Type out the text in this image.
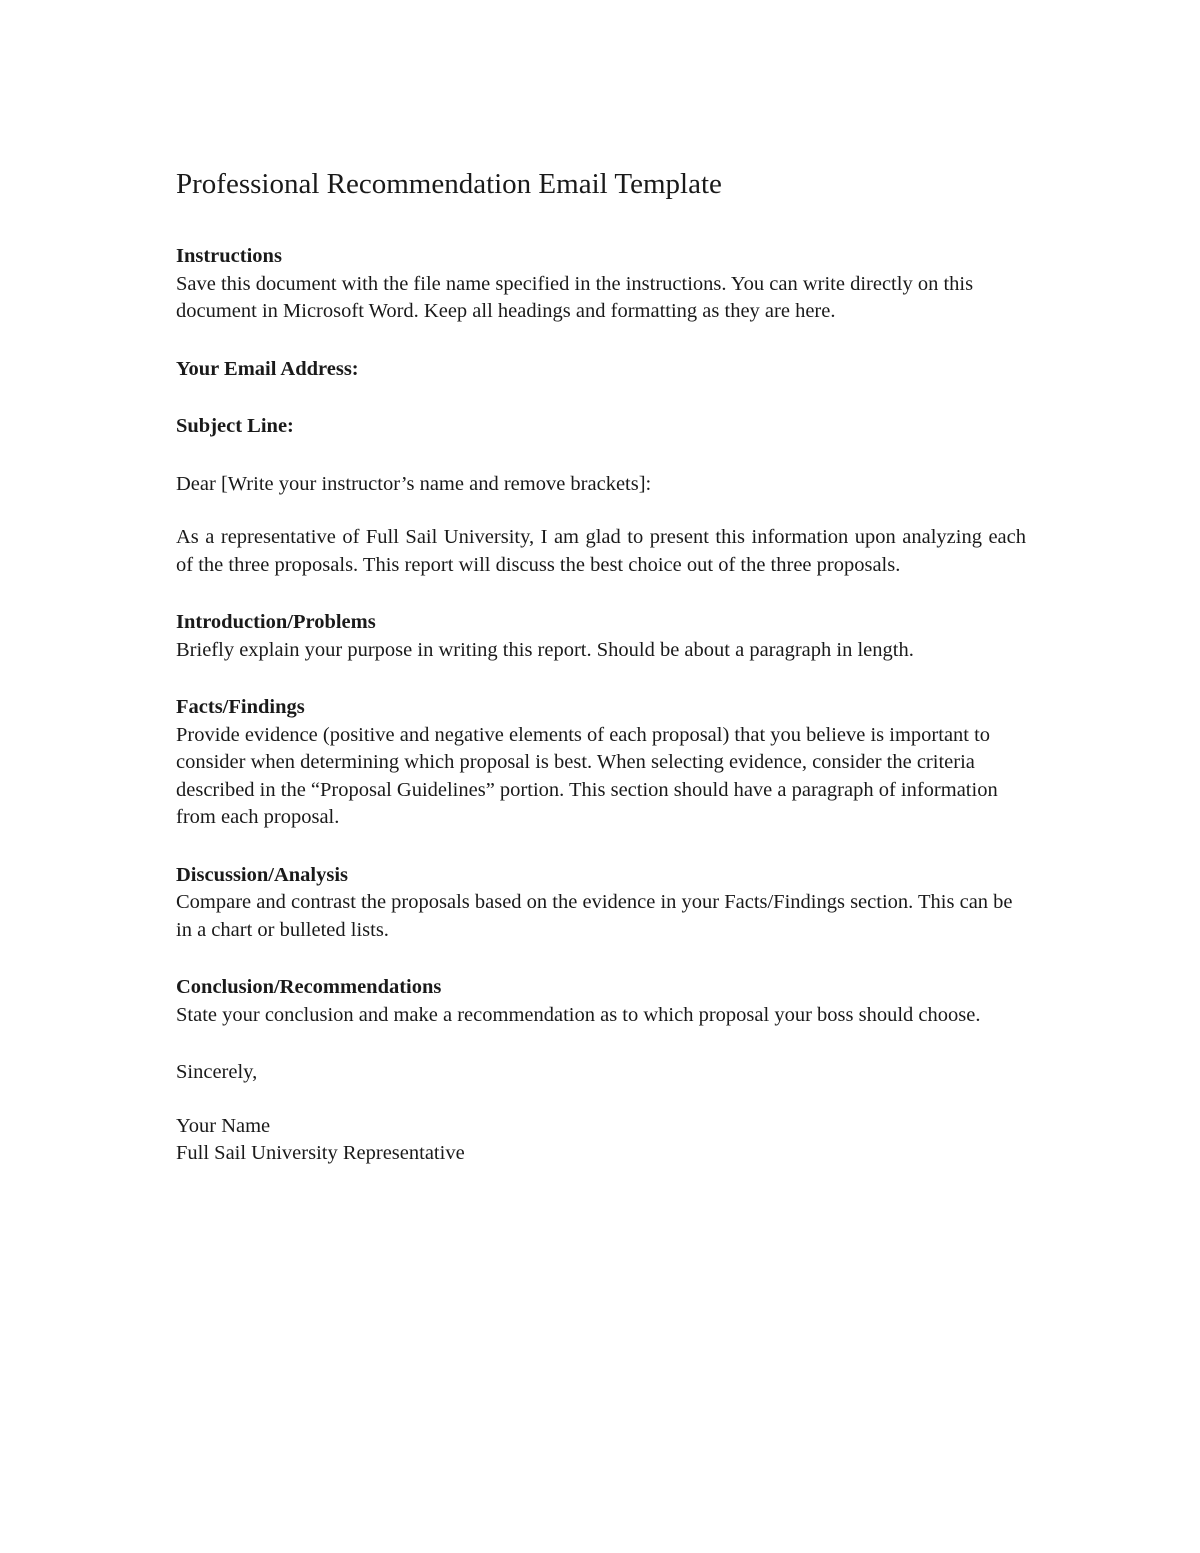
Professional Recommendation Email Template
Instructions
Save this document with the file name specified in the instructions. You can write directly on this document in Microsoft Word. Keep all headings and formatting as they are here.
Your Email Address:
Subject Line:
Dear [Write your instructor’s name and remove brackets]:
As a representative of Full Sail University, I am glad to present this information upon analyzing each of the three proposals. This report will discuss the best choice out of the three proposals.
Introduction/Problems
Briefly explain your purpose in writing this report. Should be about a paragraph in length.
Facts/Findings
Provide evidence (positive and negative elements of each proposal) that you believe is important to consider when determining which proposal is best. When selecting evidence, consider the criteria described in the “Proposal Guidelines” portion. This section should have a paragraph of information from each proposal.
Discussion/Analysis
Compare and contrast the proposals based on the evidence in your Facts/Findings section. This can be in a chart or bulleted lists.
Conclusion/Recommendations
State your conclusion and make a recommendation as to which proposal your boss should choose.
Sincerely,
Your Name
Full Sail University Representative
